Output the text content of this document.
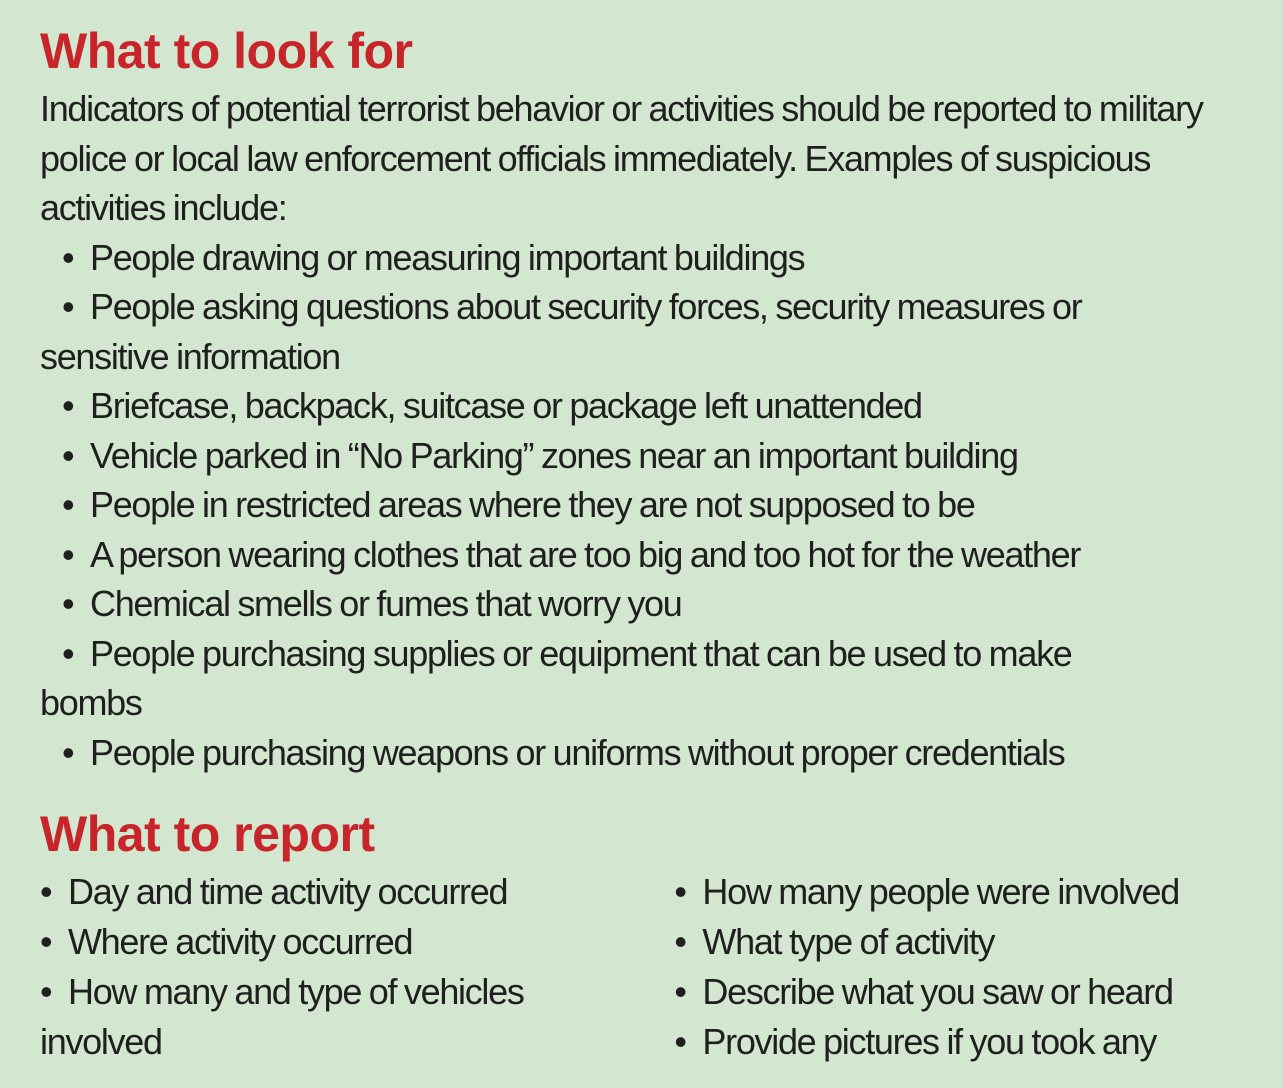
What to look for

Indicators of potential terrorist behavior or activities should be reported to military police or local law enforcement officials immediately. Examples of suspicious activities include:

• People drawing or measuring important buildings
• People asking questions about security forces, security measures or
sensitive information
• Briefcase, backpack, suitcase or package left unattended
• Vehicle parked in “No Parking” zones near an important building
• People in restricted areas where they are not supposed to be
• A person wearing clothes that are too big and too hot for the weather
• Chemical smells or fumes that worry you
• People purchasing supplies or equipment that can be used to make
bombs
• People purchasing weapons or uniforms without proper credentials
What to report
• Day and time activity occurred
• Where activity occurred
• How many and type of vehicles
involved
• How many people were involved
• What type of activity
• Describe what you saw or heard
• Provide pictures if you took any
